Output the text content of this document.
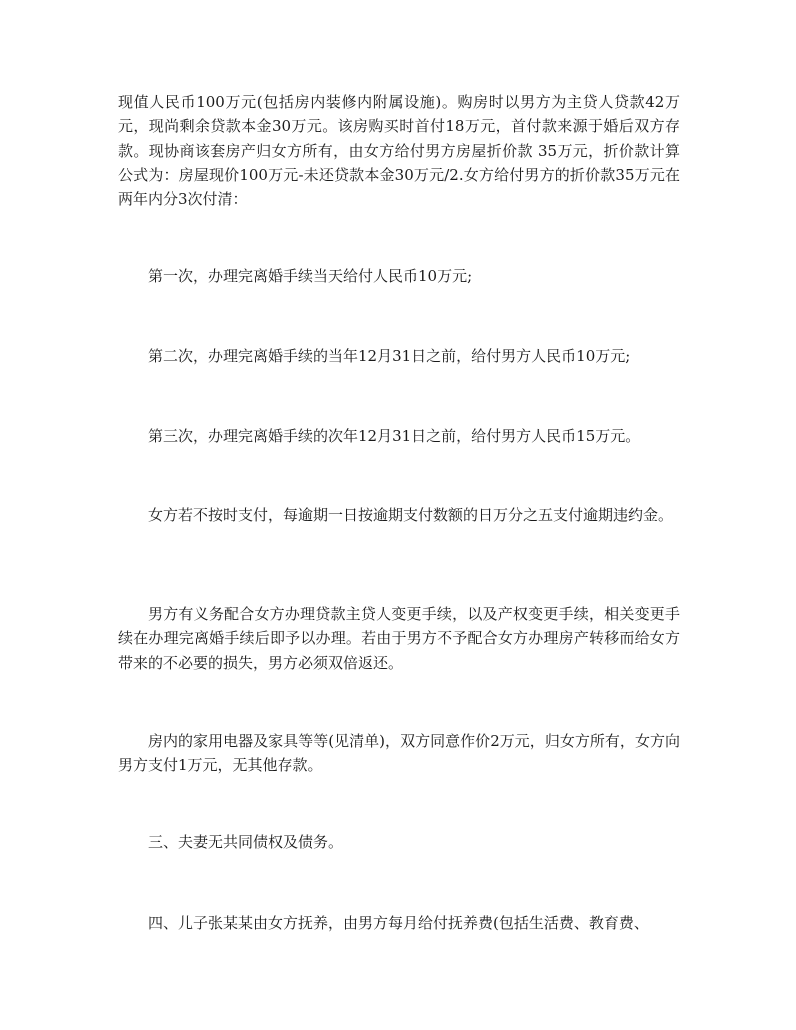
现值人民币100万元(包括房内装修内附属设施)。购房时以男方为主贷人贷款42万元，现尚剩余贷款本金30万元。该房购买时首付18万元，首付款来源于婚后双方存款。现协商该套房产归女方所有，由女方给付男方房屋折价款 35万元，折价款计算公式为：房屋现价100万元-未还贷款本金30万元/2.女方给付男方的折价款35万元在两年内分3次付清：

第一次，办理完离婚手续当天给付人民币10万元;

第二次，办理完离婚手续的当年12月31日之前，给付男方人民币10万元;

第三次，办理完离婚手续的次年12月31日之前，给付男方人民币15万元。

女方若不按时支付，每逾期一日按逾期支付数额的日万分之五支付逾期违约金。

男方有义务配合女方办理贷款主贷人变更手续，以及产权变更手续，相关变更手续在办理完离婚手续后即予以办理。若由于男方不予配合女方办理房产转移而给女方带来的不必要的损失，男方必须双倍返还。

房内的家用电器及家具等等(见清单)，双方同意作价2万元，归女方所有，女方向男方支付1万元，无其他存款。

三、夫妻无共同债权及债务。

四、儿子张某某由女方抚养，由男方每月给付抚养费(包括生活费、教育费、
